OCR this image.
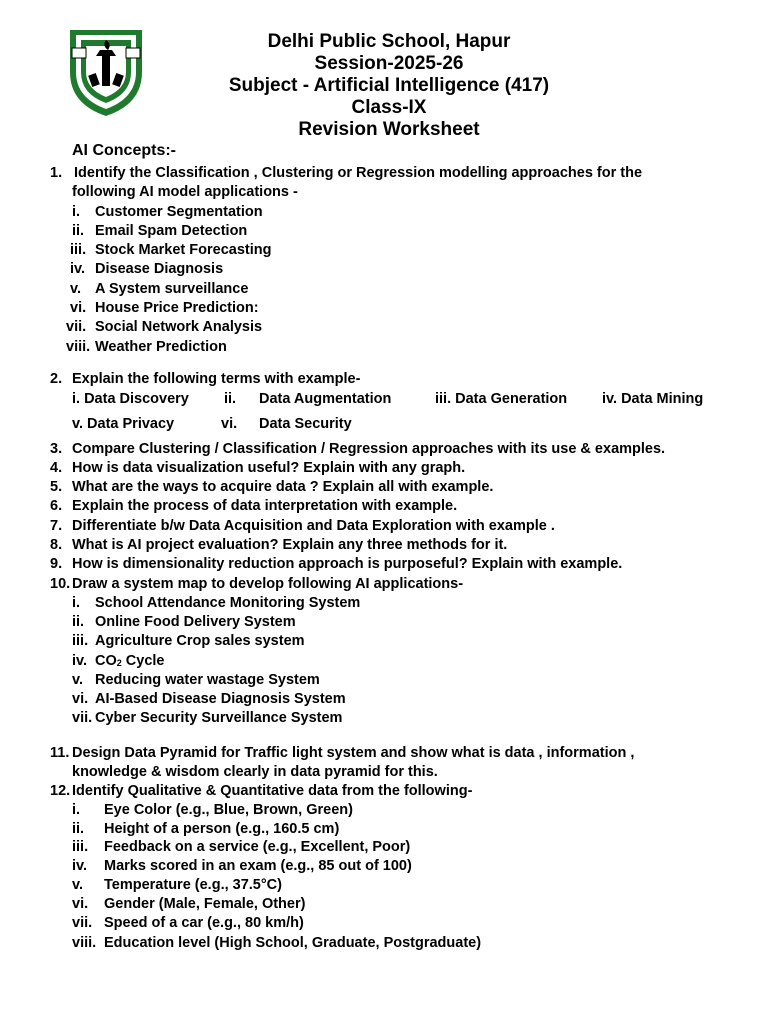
Delhi Public School, Hapur
Session-2025-26
Subject - Artificial Intelligence (417)
Class-IX
Revision Worksheet
AI Concepts:-
1. Identify the Classification , Clustering or Regression modelling approaches for the
following AI model applications -
i. Customer Segmentation
ii. Email Spam Detection
iii. Stock Market Forecasting
iv. Disease Diagnosis
v. A System surveillance
vi. House Price Prediction:
vii. Social Network Analysis
viii. Weather Prediction
2. Explain the following terms with example-
i. Data Discovery ii. Data Augmentation	iii. Data Generation iv. Data Mining
v. Data Privacy	vi. Data Security
3. Compare Clustering / Classification / Regression approaches with its use & examples.
4. How is data visualization useful? Explain with any graph.
5. What are the ways to acquire data ? Explain all with example.
6. Explain the process of data interpretation with example.
7. Differentiate b/w Data Acquisition and Data Exploration with example .
8. What is AI project evaluation? Explain any three methods for it.
9. How is dimensionality reduction approach is purposeful? Explain with example.
10. Draw a system map to develop following AI applications-
i. School Attendance Monitoring System
ii. Online Food Delivery System
iii. Agriculture Crop sales system
iv. $CO_2$ Cycle
v. Reducing water wastage System
vi. AI-Based Disease Diagnosis System
vii. Cyber Security Surveillance System
11. Design Data Pyramid for Traffic light system and show what is data , information ,
knowledge & wisdom clearly in data pyramid for this.
12. Identify Qualitative & Quantitative data from the following-
i. Eye Color (e.g., Blue, Brown, Green)
ii. Height of a person (e.g., 160.5 cm)
iii. Feedback on a service (e.g., Excellent, Poor)
iv. Marks scored in an exam (e.g., 85 out of 100)
v. Temperature (e.g., 37.5°C)
vi. Gender (Male, Female, Other)
vii. Speed of a car (e.g., 80 km/h)
viii. Education level (High School, Graduate, Postgraduate)
